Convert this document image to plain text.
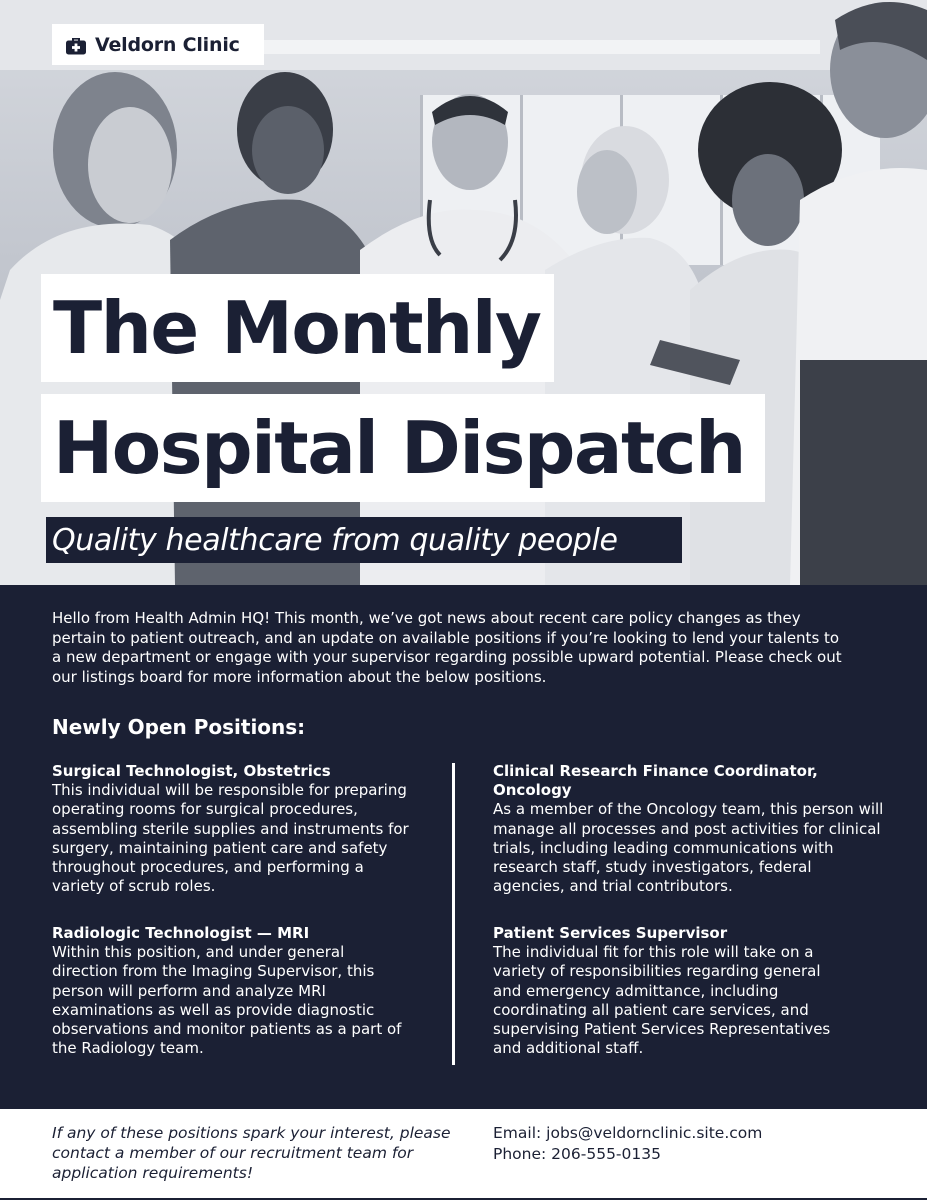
Veldorn Clinic
The Monthly
Hospital Dispatch
Quality healthcare from quality people

Hello from Health Admin HQ! This month, we’ve got news about recent care policy changes as they pertain to patient outreach, and an update on available positions if you’re looking to lend your talents to a new department or engage with your supervisor regarding possible upward potential. Please check out our listings board for more information about the below positions.

Newly Open Positions:
Surgical Technologist, Obstetrics
This individual will be responsible for preparing operating rooms for surgical procedures, assembling sterile supplies and instruments for surgery, maintaining patient care and safety throughout procedures, and performing a variety of scrub roles.
Clinical Research Finance Coordinator, Oncology
As a member of the Oncology team, this person will manage all processes and post activities for clinical trials, including leading communications with research staff, study investigators, federal agencies, and trial contributors.
Radiologic Technologist — MRI
Within this position, and under general direction from the Imaging Supervisor, this person will perform and analyze MRI examinations as well as provide diagnostic observations and monitor patients as a part of the Radiology team.
Patient Services Supervisor
The individual fit for this role will take on a variety of responsibilities regarding general and emergency admittance, including coordinating all patient care services, and supervising Patient Services Representatives and additional staff.

If any of these positions spark your interest, please contact a member of our recruitment team for application requirements!

Email: jobs@veldornclinic.site.com
Phone: 206-555-0135
